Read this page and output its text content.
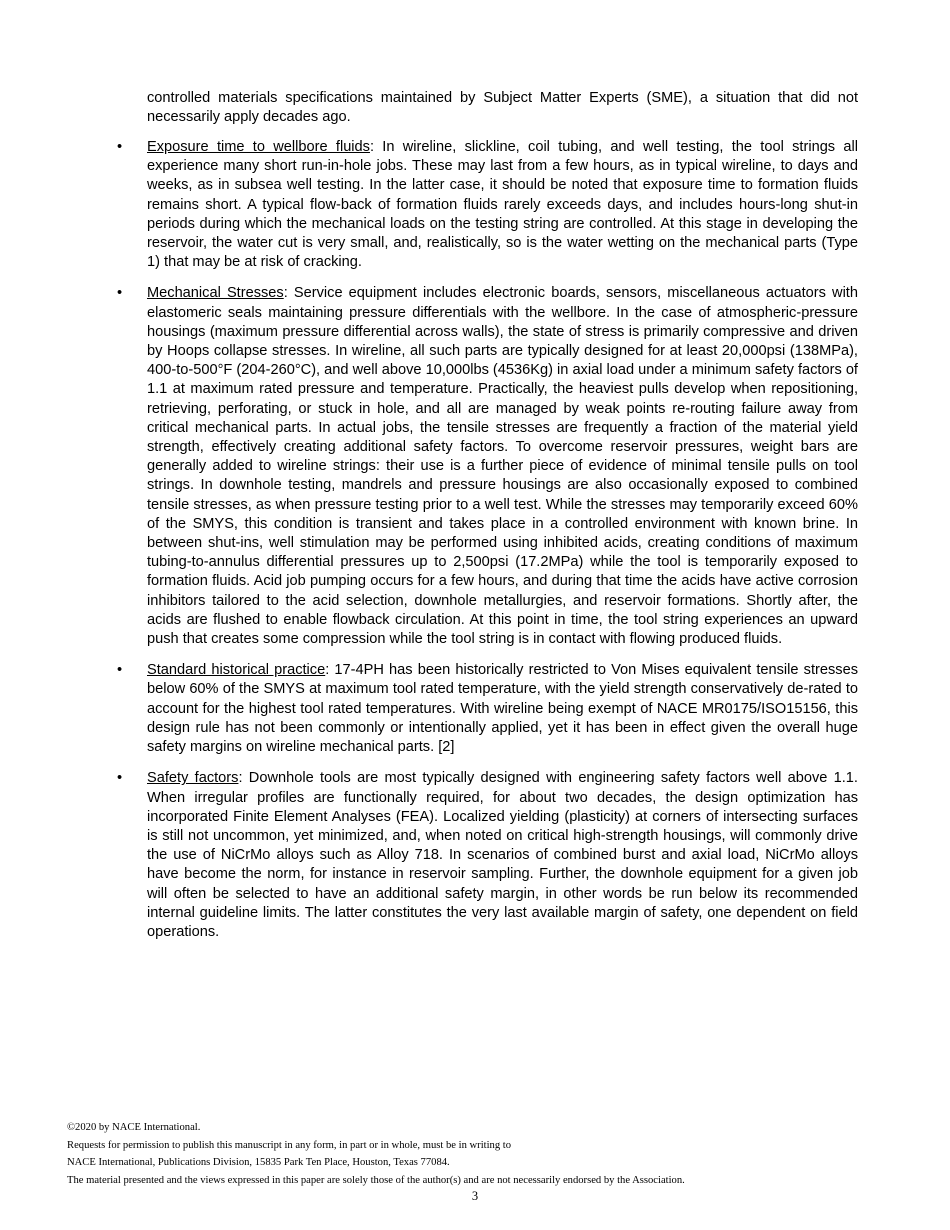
controlled materials specifications maintained by Subject Matter Experts (SME), a situation that did not necessarily apply decades ago.

• Exposure time to wellbore fluids: In wireline, slickline, coil tubing, and well testing, the tool strings all experience many short run-in-hole jobs. These may last from a few hours, as in typical wireline, to days and weeks, as in subsea well testing. In the latter case, it should be noted that exposure time to formation fluids remains short. A typical flow-back of formation fluids rarely exceeds days, and includes hours-long shut-in periods during which the mechanical loads on the testing string are controlled. At this stage in developing the reservoir, the water cut is very small, and, realistically, so is the water wetting on the mechanical parts (Type 1) that may be at risk of cracking.
• Mechanical Stresses: Service equipment includes electronic boards, sensors, miscellaneous actuators with elastomeric seals maintaining pressure differentials with the wellbore. In the case of atmospheric-pressure housings (maximum pressure differential across walls), the state of stress is primarily compressive and driven by Hoops collapse stresses. In wireline, all such parts are typically designed for at least 20,000psi (138MPa), 400-to-500°F (204-260°C), and well above 10,000lbs (4536Kg) in axial load under a minimum safety factors of 1.1 at maximum rated pressure and temperature. Practically, the heaviest pulls develop when repositioning, retrieving, perforating, or stuck in hole, and all are managed by weak points re-routing failure away from critical mechanical parts. In actual jobs, the tensile stresses are frequently a fraction of the material yield strength, effectively creating additional safety factors. To overcome reservoir pressures, weight bars are generally added to wireline strings: their use is a further piece of evidence of minimal tensile pulls on tool strings. In downhole testing, mandrels and pressure housings are also occasionally exposed to combined tensile stresses, as when pressure testing prior to a well test. While the stresses may temporarily exceed 60% of the SMYS, this condition is transient and takes place in a controlled environment with known brine. In between shut-ins, well stimulation may be performed using inhibited acids, creating conditions of maximum tubing-to-annulus differential pressures up to 2,500psi (17.2MPa) while the tool is temporarily exposed to formation fluids. Acid job pumping occurs for a few hours, and during that time the acids have active corrosion inhibitors tailored to the acid selection, downhole metallurgies, and reservoir formations. Shortly after, the acids are flushed to enable flowback circulation. At this point in time, the tool string experiences an upward push that creates some compression while the tool string is in contact with flowing produced fluids.
• Standard historical practice: 17-4PH has been historically restricted to Von Mises equivalent tensile stresses below 60% of the SMYS at maximum tool rated temperature, with the yield strength conservatively de-rated to account for the highest tool rated temperatures. With wireline being exempt of NACE MR0175/ISO15156, this design rule has not been commonly or intentionally applied, yet it has been in effect given the overall huge safety margins on wireline mechanical parts. [2]
• Safety factors: Downhole tools are most typically designed with engineering safety factors well above 1.1. When irregular profiles are functionally required, for about two decades, the design optimization has incorporated Finite Element Analyses (FEA). Localized yielding (plasticity) at corners of intersecting surfaces is still not uncommon, yet minimized, and, when noted on critical high-strength housings, will commonly drive the use of NiCrMo alloys such as Alloy 718. In scenarios of combined burst and axial load, NiCrMo alloys have become the norm, for instance in reservoir sampling. Further, the downhole equipment for a given job will often be selected to have an additional safety margin, in other words be run below its recommended internal guideline limits. The latter constitutes the very last available margin of safety, one dependent on field operations.
©2020 by NACE International.
Requests for permission to publish this manuscript in any form, in part or in whole, must be in writing to
NACE International, Publications Division, 15835 Park Ten Place, Houston, Texas 77084.
The material presented and the views expressed in this paper are solely those of the author(s) and are not necessarily endorsed by the Association.
3
